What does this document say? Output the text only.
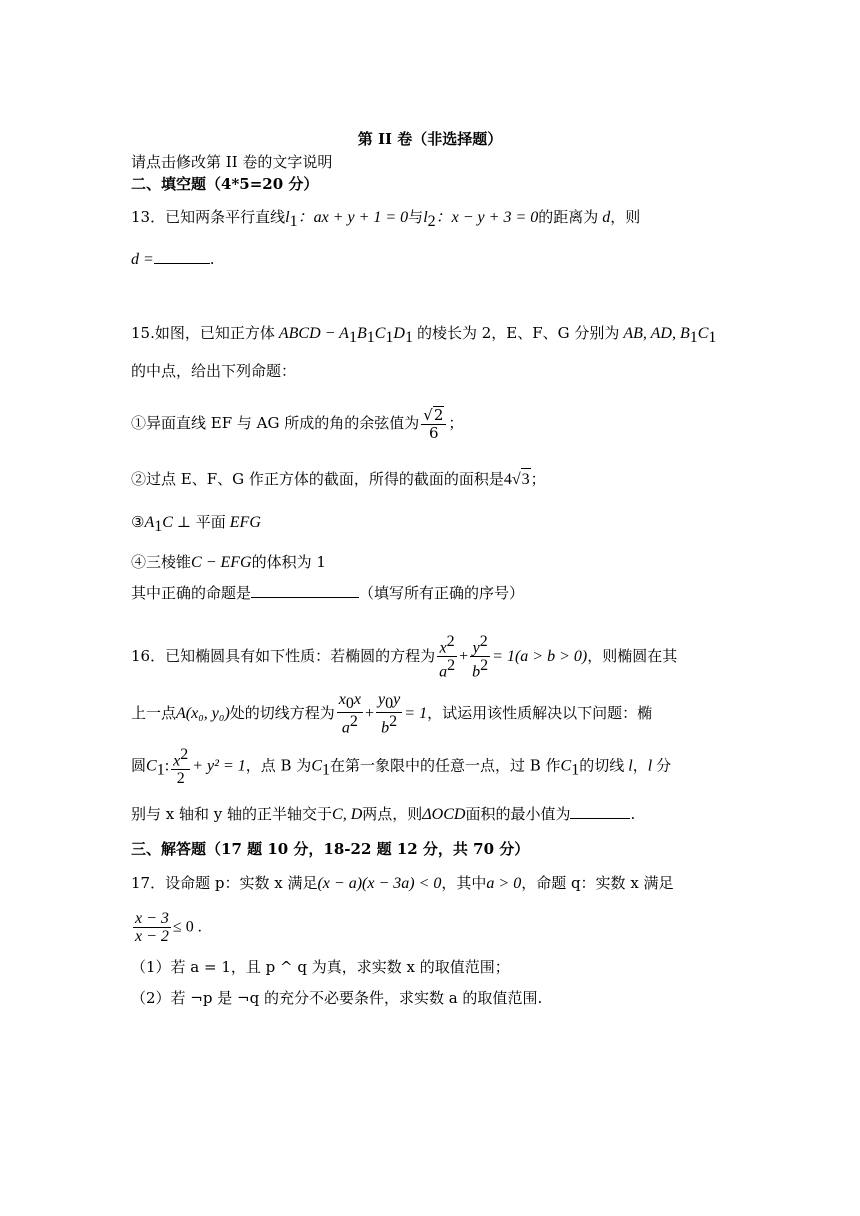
第 II 卷（非选择题）
请点击修改第 II 卷的文字说明
二、填空题（4*5=20 分）
13．已知两条平行直线$l_1$：ax + y + 1 = 0与$l_2$：x − y + 3 = 0的距离为 d，则
d =	.
15.如图，已知正方体 ABCD − $A_1B_1C_1D_1$ 的棱长为 2，E、F、G 分别为 AB, AD, $B_1C_1$
的中点，给出下列命题：
①异面直线 EF 与 AG 所成的角的余弦值为 $\frac{√2}{6}$ ；
②过点 E、F、G 作正方体的截面，所得的截面的面积是4√3；
$③A_1C$ ⊥ 平面 EFG
④三棱锥C − EFG的体积为 1
其中正确的命题是	（填写所有正确的序号）
16．已知椭圆具有如下性质：若椭圆的方程为 $\frac{x^2}{a^2} + \frac{y^2}{b^2} = 1(a > b > 0)$，则椭圆在其
上一点A(x₀, y₀)处的切线方程为 $\frac{x_0x}{a^2} + \frac{y_0y}{b^2} = 1$，试运用该性质解决以下问题：椭
圆$C_1$: $\frac{x^2}{2} + y^2 = 1$，点 B 为$C_1$在第一象限中的任意一点，过 B 作$C_1$的切线 l，l 分
别与 x 轴和 y 轴的正半轴交于C, D两点，则ΔOCD面积的最小值为	.
三、解答题（17 题 10 分，18-22 题 12 分，共 70 分）
17．设命题 p：实数 x 满足(x − a)(x − 3a) < 0，其中a > 0，命题 q：实数 x 满足
$\frac{x - 3}{x - 2} \le 0$ .
（1）若 a = 1，且 p ^ q 为真，求实数 x 的取值范围；
（2）若 ¬p 是 ¬q 的充分不必要条件，求实数 a 的取值范围.
